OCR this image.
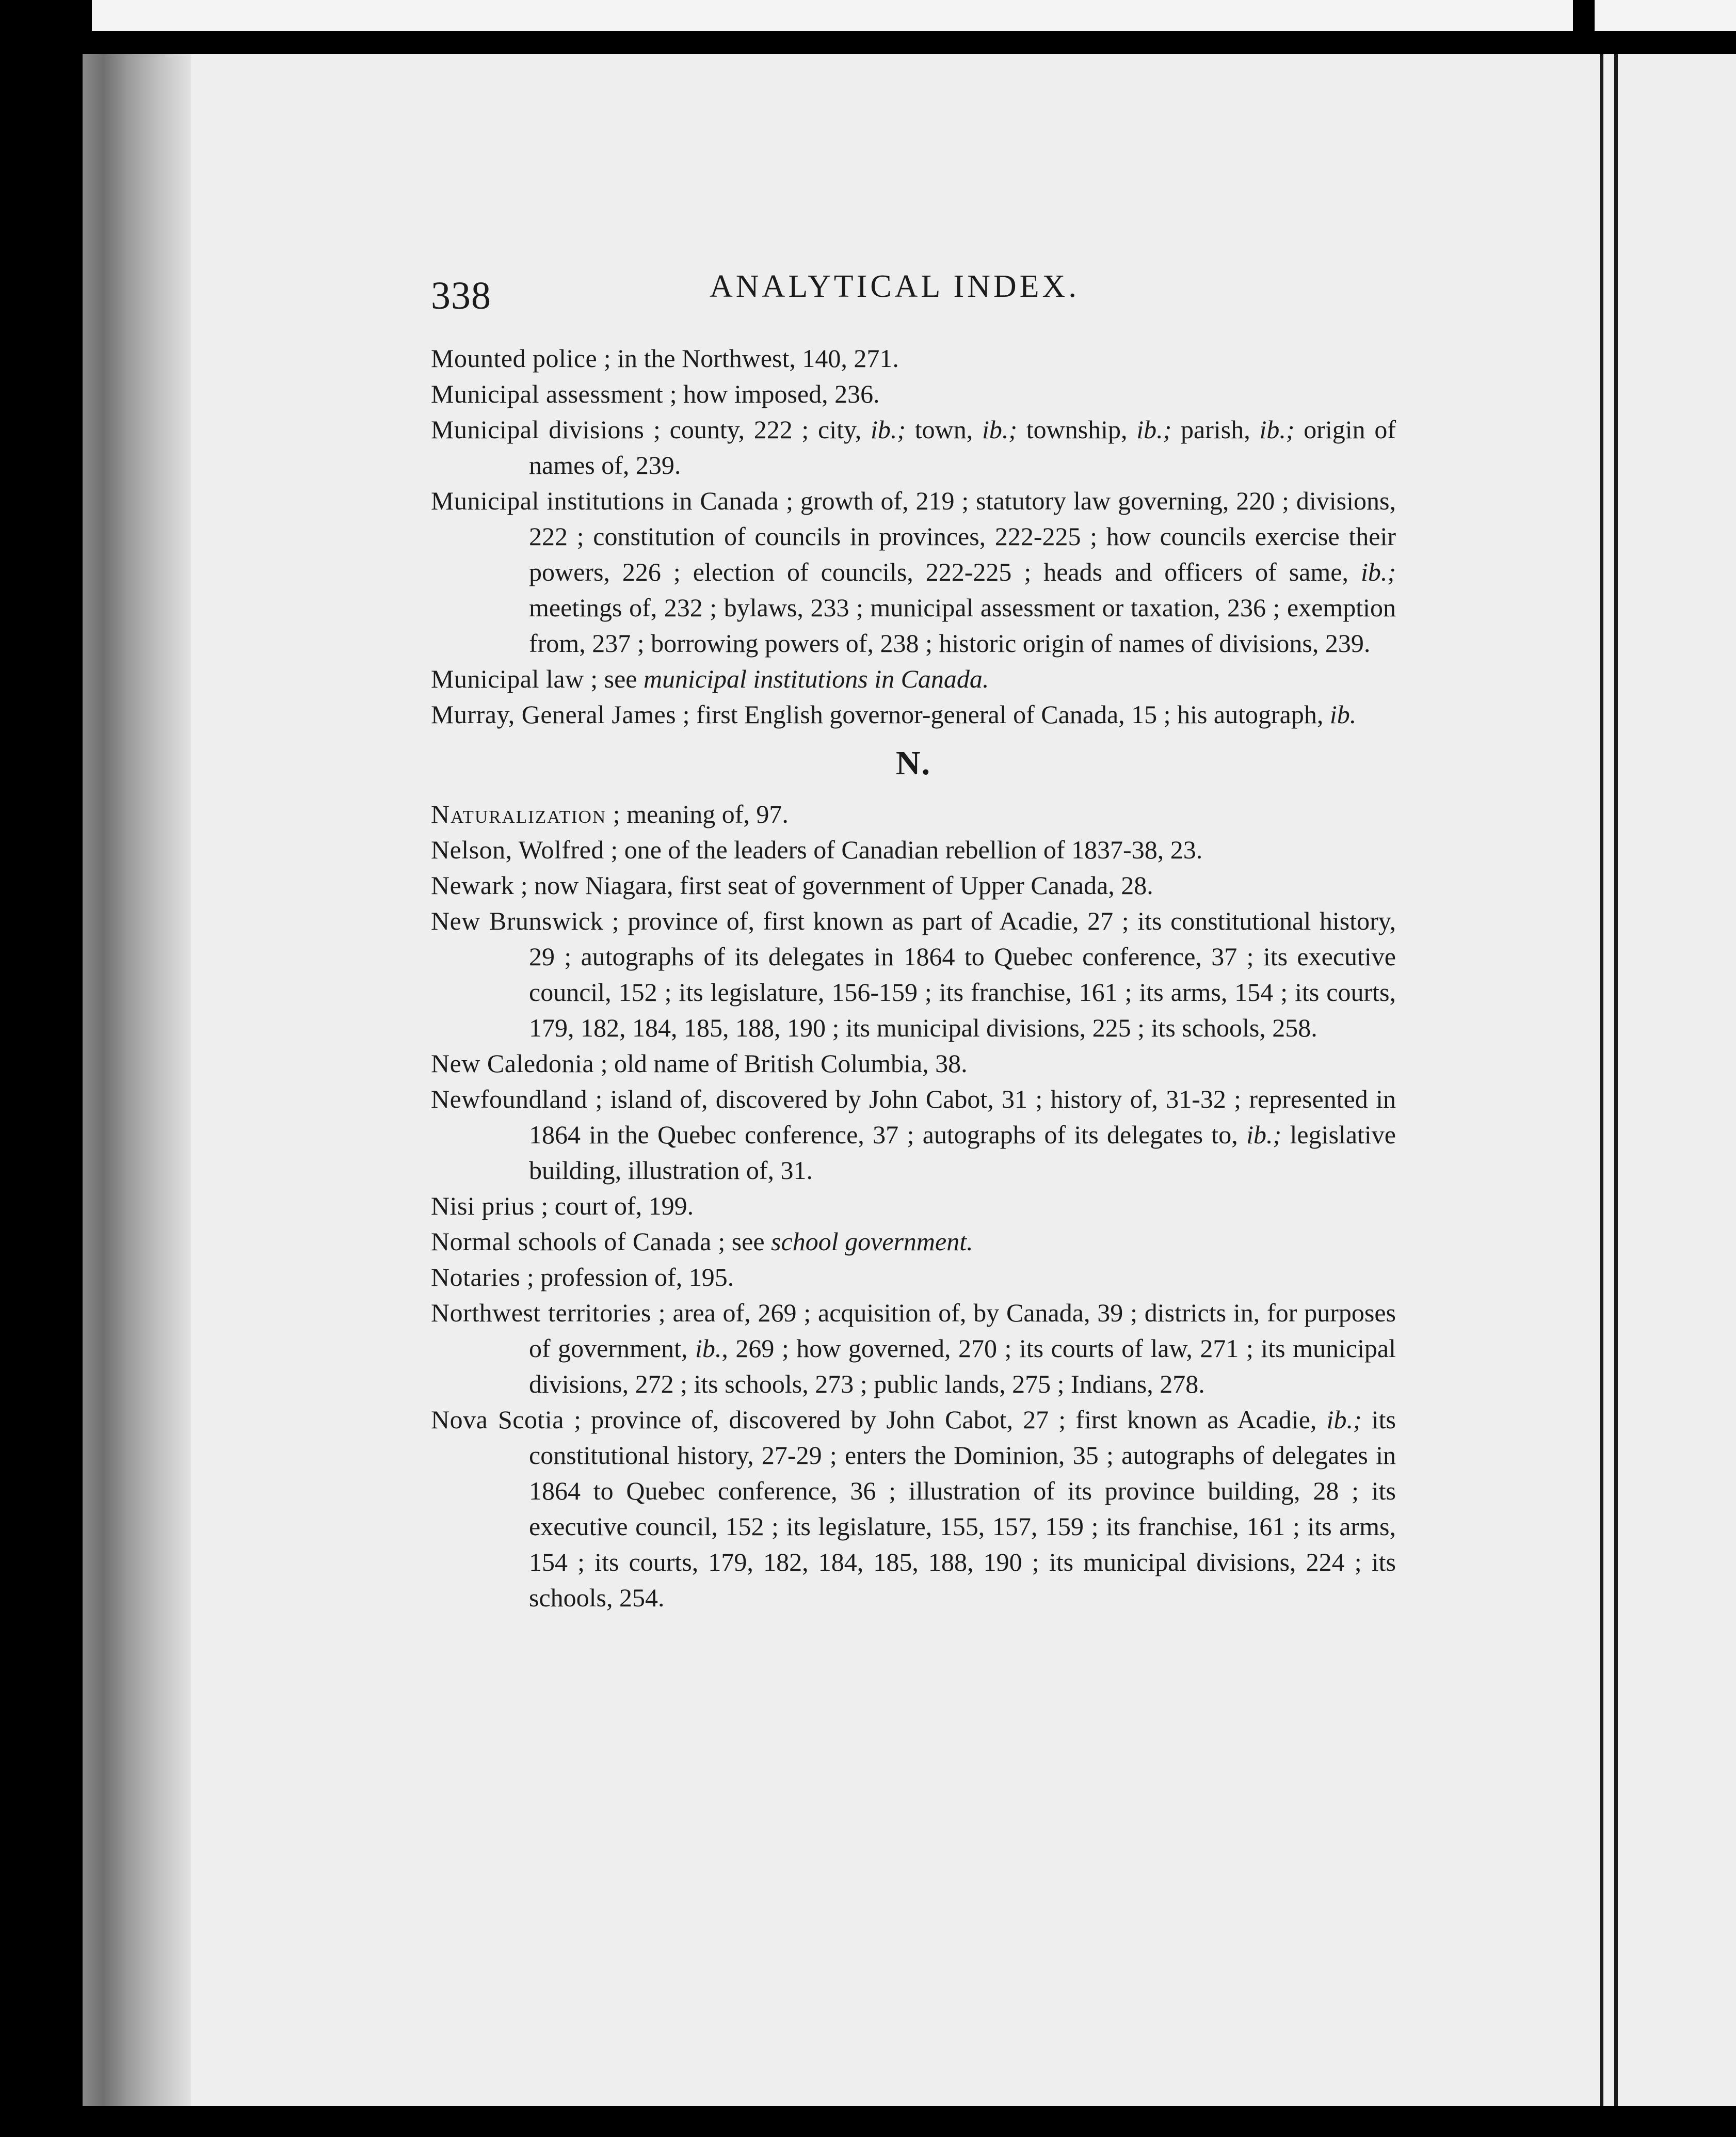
338	ANALYTICAL INDEX.

Mounted police ; in the Northwest, 140, 271.

Municipal assessment ; how imposed, 236.

Municipal divisions ; county, 222 ; city, ib.; town, ib.; township, ib.; parish, ib.; origin of names of, 239.

Municipal institutions in Canada ; growth of, 219 ; statutory law governing, 220 ; divisions, 222 ; constitution of councils in provinces, 222-225 ; how councils exercise their powers, 226 ; election of councils, 222-225 ; heads and officers of same, ib.; meetings of, 232 ; bylaws, 233 ; municipal assessment or taxation, 236 ; exemption from, 237 ; borrowing powers of, 238 ; historic origin of names of divisions, 239.

Municipal law ; see municipal institutions in Canada.

Murray, General James ; first English governor-general of Canada, 15 ; his autograph, ib.

N.

Naturalization ; meaning of, 97.

Nelson, Wolfred ; one of the leaders of Canadian rebellion of 1837-38, 23.

Newark ; now Niagara, first seat of government of Upper Canada, 28.

New Brunswick ; province of, first known as part of Acadie, 27 ; its constitutional history, 29 ; autographs of its delegates in 1864 to Quebec conference, 37 ; its executive council, 152 ; its legislature, 156-159 ; its franchise, 161 ; its arms, 154 ; its courts, 179, 182, 184, 185, 188, 190 ; its municipal divisions, 225 ; its schools, 258.

New Caledonia ; old name of British Columbia, 38.

Newfoundland ; island of, discovered by John Cabot, 31 ; history of, 31-32 ; represented in 1864 in the Quebec conference, 37 ; autographs of its delegates to, ib.; legislative building, illustration of, 31.

Nisi prius ; court of, 199.

Normal schools of Canada ; see school government.

Notaries ; profession of, 195.

Northwest territories ; area of, 269 ; acquisition of, by Canada, 39 ; districts in, for purposes of government, ib., 269 ; how governed, 270 ; its courts of law, 271 ; its municipal divisions, 272 ; its schools, 273 ; public lands, 275 ; Indians, 278.

Nova Scotia ; province of, discovered by John Cabot, 27 ; first known as Acadie, ib.; its constitutional history, 27-29 ; enters the Dominion, 35 ; autographs of delegates in 1864 to Quebec conference, 36 ; illustration of its province building, 28 ; its executive council, 152 ; its legislature, 155, 157, 159 ; its franchise, 161 ; its arms, 154 ; its courts, 179, 182, 184, 185, 188, 190 ; its municipal divisions, 224 ; its schools, 254.
